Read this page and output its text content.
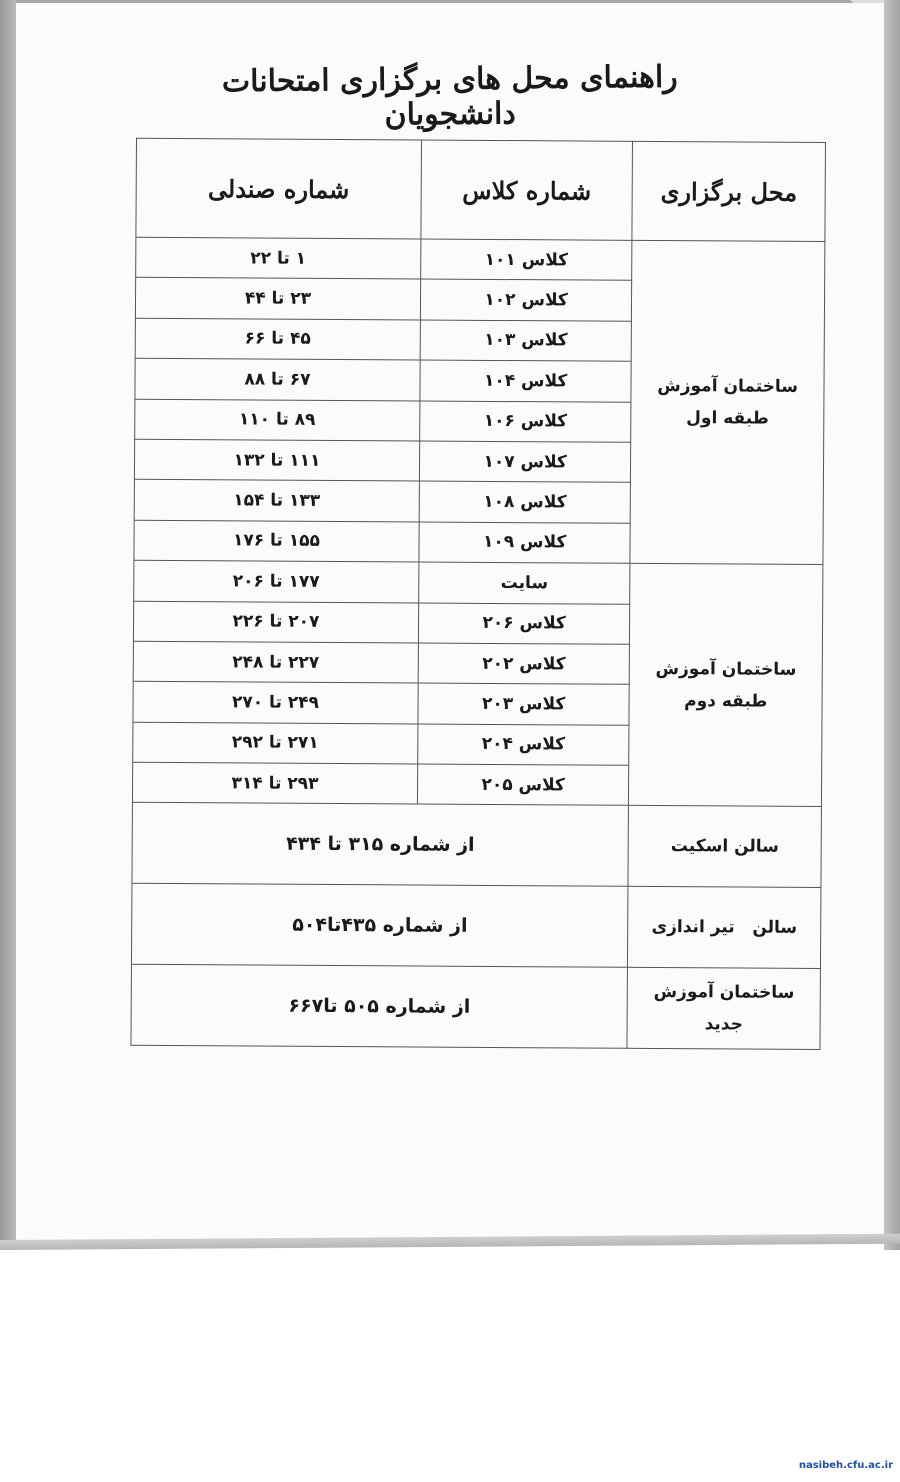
راهنمای محل های برگزاری امتحانات دانشجویان
محل برگزاری	شماره کلاس	شماره صندلی
ساختمان آموزش طبقه اول	کلاس ۱۰۱	۱ تا ۲۲
	کلاس ۱۰۲	۲۳ تا ۴۴
	کلاس ۱۰۳	۴۵ تا ۶۶
	کلاس ۱۰۴	۶۷ تا ۸۸
	کلاس ۱۰۶	۸۹ تا ۱۱۰
	کلاس ۱۰۷	۱۱۱ تا ۱۳۲
	کلاس ۱۰۸	۱۳۳ تا ۱۵۴
	کلاس ۱۰۹	۱۵۵ تا ۱۷۶
ساختمان آموزش طبقه دوم	سایت	۱۷۷ تا ۲۰۶
	کلاس ۲۰۶	۲۰۷ تا ۲۲۶
	کلاس ۲۰۲	۲۲۷ تا ۲۴۸
	کلاس ۲۰۳	۲۴۹ تا ۲۷۰
	کلاس ۲۰۴	۲۷۱ تا ۲۹۲
	کلاس ۲۰۵	۲۹۳ تا ۳۱۴
سالن اسکیت	از شماره ۳۱۵ تا ۴۳۴	
سالن   تیر اندازی	از شماره ۴۳۵تا۵۰۴	
ساختمان آموزش جدید	از شماره ۵۰۵ تا۶۶۷	
nasibeh.cfu.ac.ir
